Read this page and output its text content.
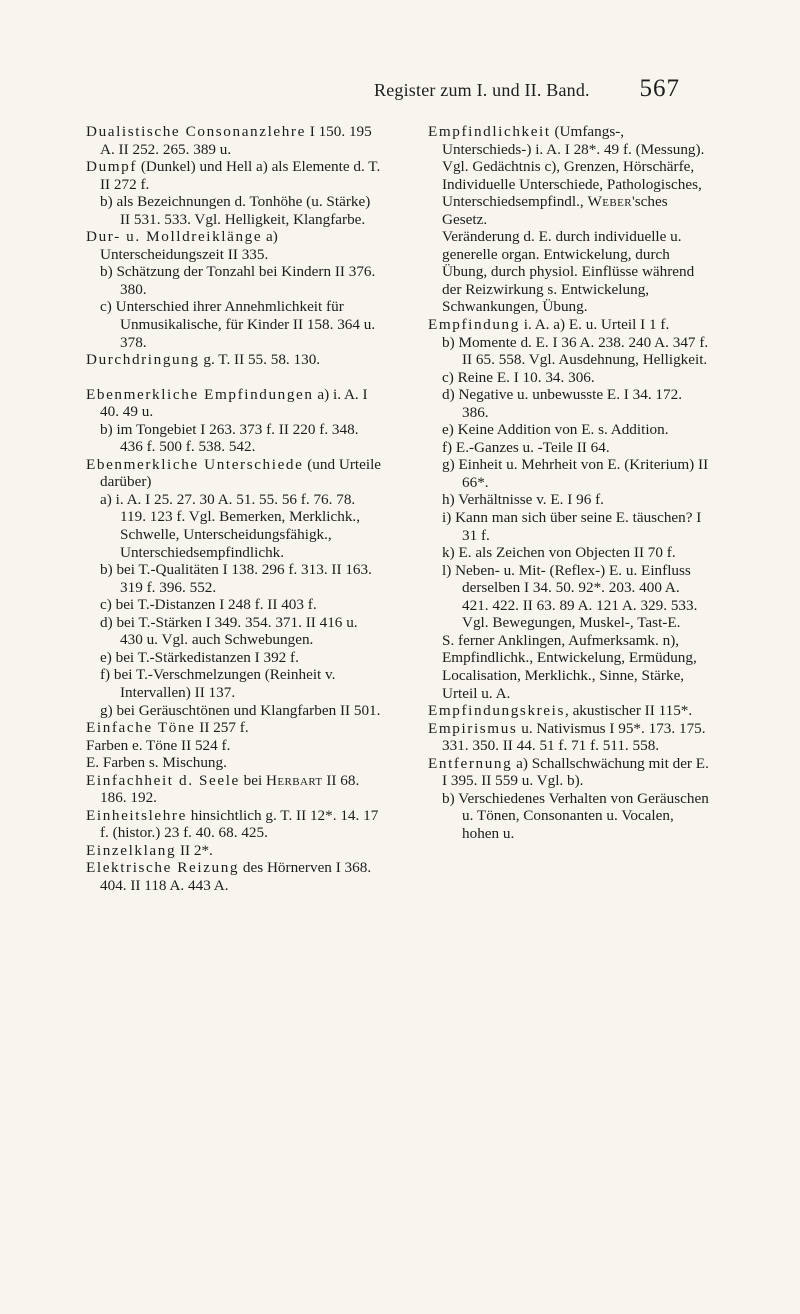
Register zum I. und II. Band. 567

Dualistische Consonanzlehre I 150. 195 A. II 252. 265. 389 u.

Dumpf (Dunkel) und Hell a) als Elemente d. T. II 272 f.

b) als Bezeichnungen d. Tonhöhe (u. Stärke) II 531. 533. Vgl. Helligkeit, Klangfarbe.

Dur- u. Molldreiklänge a) Unterscheidungszeit II 335.

b) Schätzung der Tonzahl bei Kindern II 376. 380.

c) Unterschied ihrer Annehmlichkeit für Unmusikalische, für Kinder II 158. 364 u. 378.

Durchdringung g. T. II 55. 58. 130.

Ebenmerkliche Empfindungen a) i. A. I 40. 49 u.

b) im Tongebiet I 263. 373 f. II 220 f. 348. 436 f. 500 f. 538. 542.

Ebenmerkliche Unterschiede (und Urteile darüber)

a) i. A. I 25. 27. 30 A. 51. 55. 56 f. 76. 78. 119. 123 f. Vgl. Bemerken, Merklichk., Schwelle, Unterscheidungsfähigk., Unterschiedsempfindlichk.

b) bei T.-Qualitäten I 138. 296 f. 313. II 163. 319 f. 396. 552.

c) bei T.-Distanzen I 248 f. II 403 f.

d) bei T.-Stärken I 349. 354. 371. II 416 u. 430 u. Vgl. auch Schwebungen.

e) bei T.-Stärkedistanzen I 392 f.

f) bei T.-Verschmelzungen (Reinheit v. Intervallen) II 137.

g) bei Geräuschtönen und Klangfarben II 501.

Einfache Töne II 257 f.

Farben e. Töne II 524 f.

E. Farben s. Mischung.

Einfachheit d. Seele bei Herbart II 68. 186. 192.

Einheitslehre hinsichtlich g. T. II 12*. 14. 17 f. (histor.) 23 f. 40. 68. 425.

Einzelklang II 2*.

Elektrische Reizung des Hörnerven I 368. 404. II 118 A. 443 A.

Empfindlichkeit (Umfangs-, Unterschieds-) i. A. I 28*. 49 f. (Messung).

Vgl. Gedächtnis c), Grenzen, Hörschärfe, Individuelle Unterschiede, Pathologisches, Unterschiedsempfindl., Weber'sches Gesetz.

Veränderung d. E. durch individuelle u. generelle organ. Entwickelung, durch Übung, durch physiol. Einflüsse während der Reizwirkung s. Entwickelung, Schwankungen, Übung.

Empfindung i. A. a) E. u. Urteil I 1 f.

b) Momente d. E. I 36 A. 238. 240 A. 347 f. II 65. 558. Vgl. Ausdehnung, Helligkeit.

c) Reine E. I 10. 34. 306.

d) Negative u. unbewusste E. I 34. 172. 386.

e) Keine Addition von E. s. Addition.

f) E.-Ganzes u. -Teile II 64.

g) Einheit u. Mehrheit von E. (Kriterium) II 66*.

h) Verhältnisse v. E. I 96 f.

i) Kann man sich über seine E. täuschen? I 31 f.

k) E. als Zeichen von Objecten II 70 f.

l) Neben- u. Mit- (Reflex-) E. u. Einfluss derselben I 34. 50. 92*. 203. 400 A. 421. 422. II 63. 89 A. 121 A. 329. 533. Vgl. Bewegungen, Muskel-, Tast-E.

S. ferner Anklingen, Aufmerksamk. n), Empfindlichk., Entwickelung, Ermüdung, Localisation, Merklichk., Sinne, Stärke, Urteil u. A.

Empfindungskreis, akustischer II 115*.

Empirismus u. Nativismus I 95*. 173. 175. 331. 350. II 44. 51 f. 71 f. 511. 558.

Entfernung a) Schallschwächung mit der E. I 395. II 559 u. Vgl. b).

b) Verschiedenes Verhalten von Geräuschen u. Tönen, Consonanten u. Vocalen, hohen u.
